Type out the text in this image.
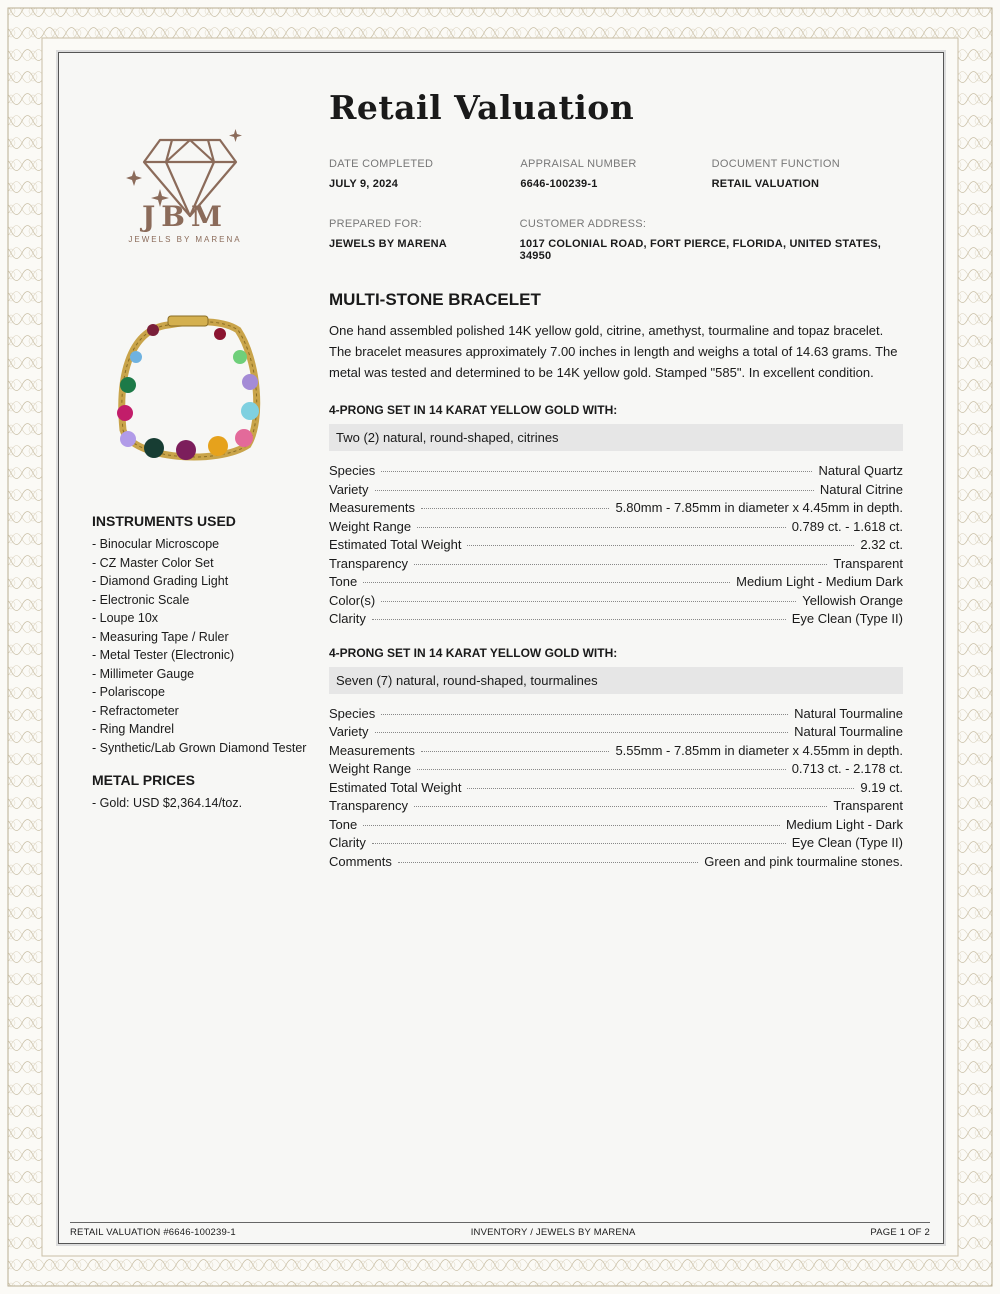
JBM
JEWELS BY MARENA
INSTRUMENTS USED
- Binocular Microscope
- CZ Master Color Set
- Diamond Grading Light
- Electronic Scale
- Loupe 10x
- Measuring Tape / Ruler
- Metal Tester (Electronic)
- Millimeter Gauge
- Polariscope
- Refractometer
- Ring Mandrel
- Synthetic/Lab Grown Diamond Tester
METAL PRICES
- Gold: USD $2,364.14/toz.
Retail Valuation
DATE COMPLETED
JULY 9, 2024
APPRAISAL NUMBER
6646-100239-1
DOCUMENT FUNCTION
RETAIL VALUATION
PREPARED FOR:
JEWELS BY MARENA
CUSTOMER ADDRESS:
1017 COLONIAL ROAD, FORT PIERCE, FLORIDA, UNITED STATES, 34950
MULTI-STONE BRACELET

One hand assembled polished 14K yellow gold, citrine, amethyst, tourmaline and topaz bracelet. The bracelet measures approximately 7.00 inches in length and weighs a total of 14.63 grams. The metal was tested and determined to be 14K yellow gold. Stamped "585". In excellent condition.

4-PRONG SET IN 14 KARAT YELLOW GOLD WITH:
Two (2) natural, round-shaped, citrines
Species	Natural Quartz
Variety	Natural Citrine
Measurements	5.80mm - 7.85mm in diameter x 4.45mm in depth.
Weight Range	0.789 ct. - 1.618 ct.
Estimated Total Weight	2.32 ct.
Transparency	Transparent
Tone	Medium Light - Medium Dark
Color(s)	Yellowish Orange
Clarity	Eye Clean (Type II)
4-PRONG SET IN 14 KARAT YELLOW GOLD WITH:
Seven (7) natural, round-shaped, tourmalines
Species	Natural Tourmaline
Variety	Natural Tourmaline
Measurements	5.55mm - 7.85mm in diameter x 4.55mm in depth.
Weight Range	0.713 ct. - 2.178 ct.
Estimated Total Weight	9.19 ct.
Transparency	Transparent
Tone	Medium Light - Dark
Clarity	Eye Clean (Type II)
Comments	Green and pink tourmaline stones.
RETAIL VALUATION #6646-100239-1	INVENTORY / JEWELS BY MARENA	PAGE 1 OF 2
